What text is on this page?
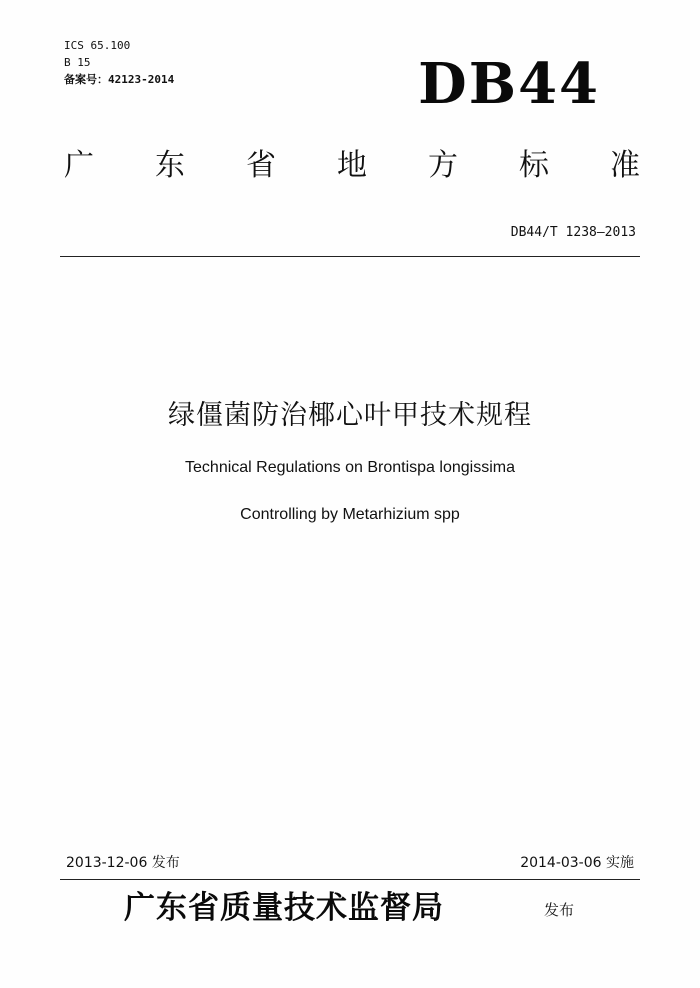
ICS 65.100
B 15
备案号：42123-2014	DB44
广 东 省 地 方 标 准
DB44/T 1238—2013
绿僵菌防治椰心叶甲技术规程
Technical Regulations on Brontispa longissima
Controlling by Metarhizium spp
2013-12-06 发布	2014-03-06 实施
广东省质量技术监督局	发布
